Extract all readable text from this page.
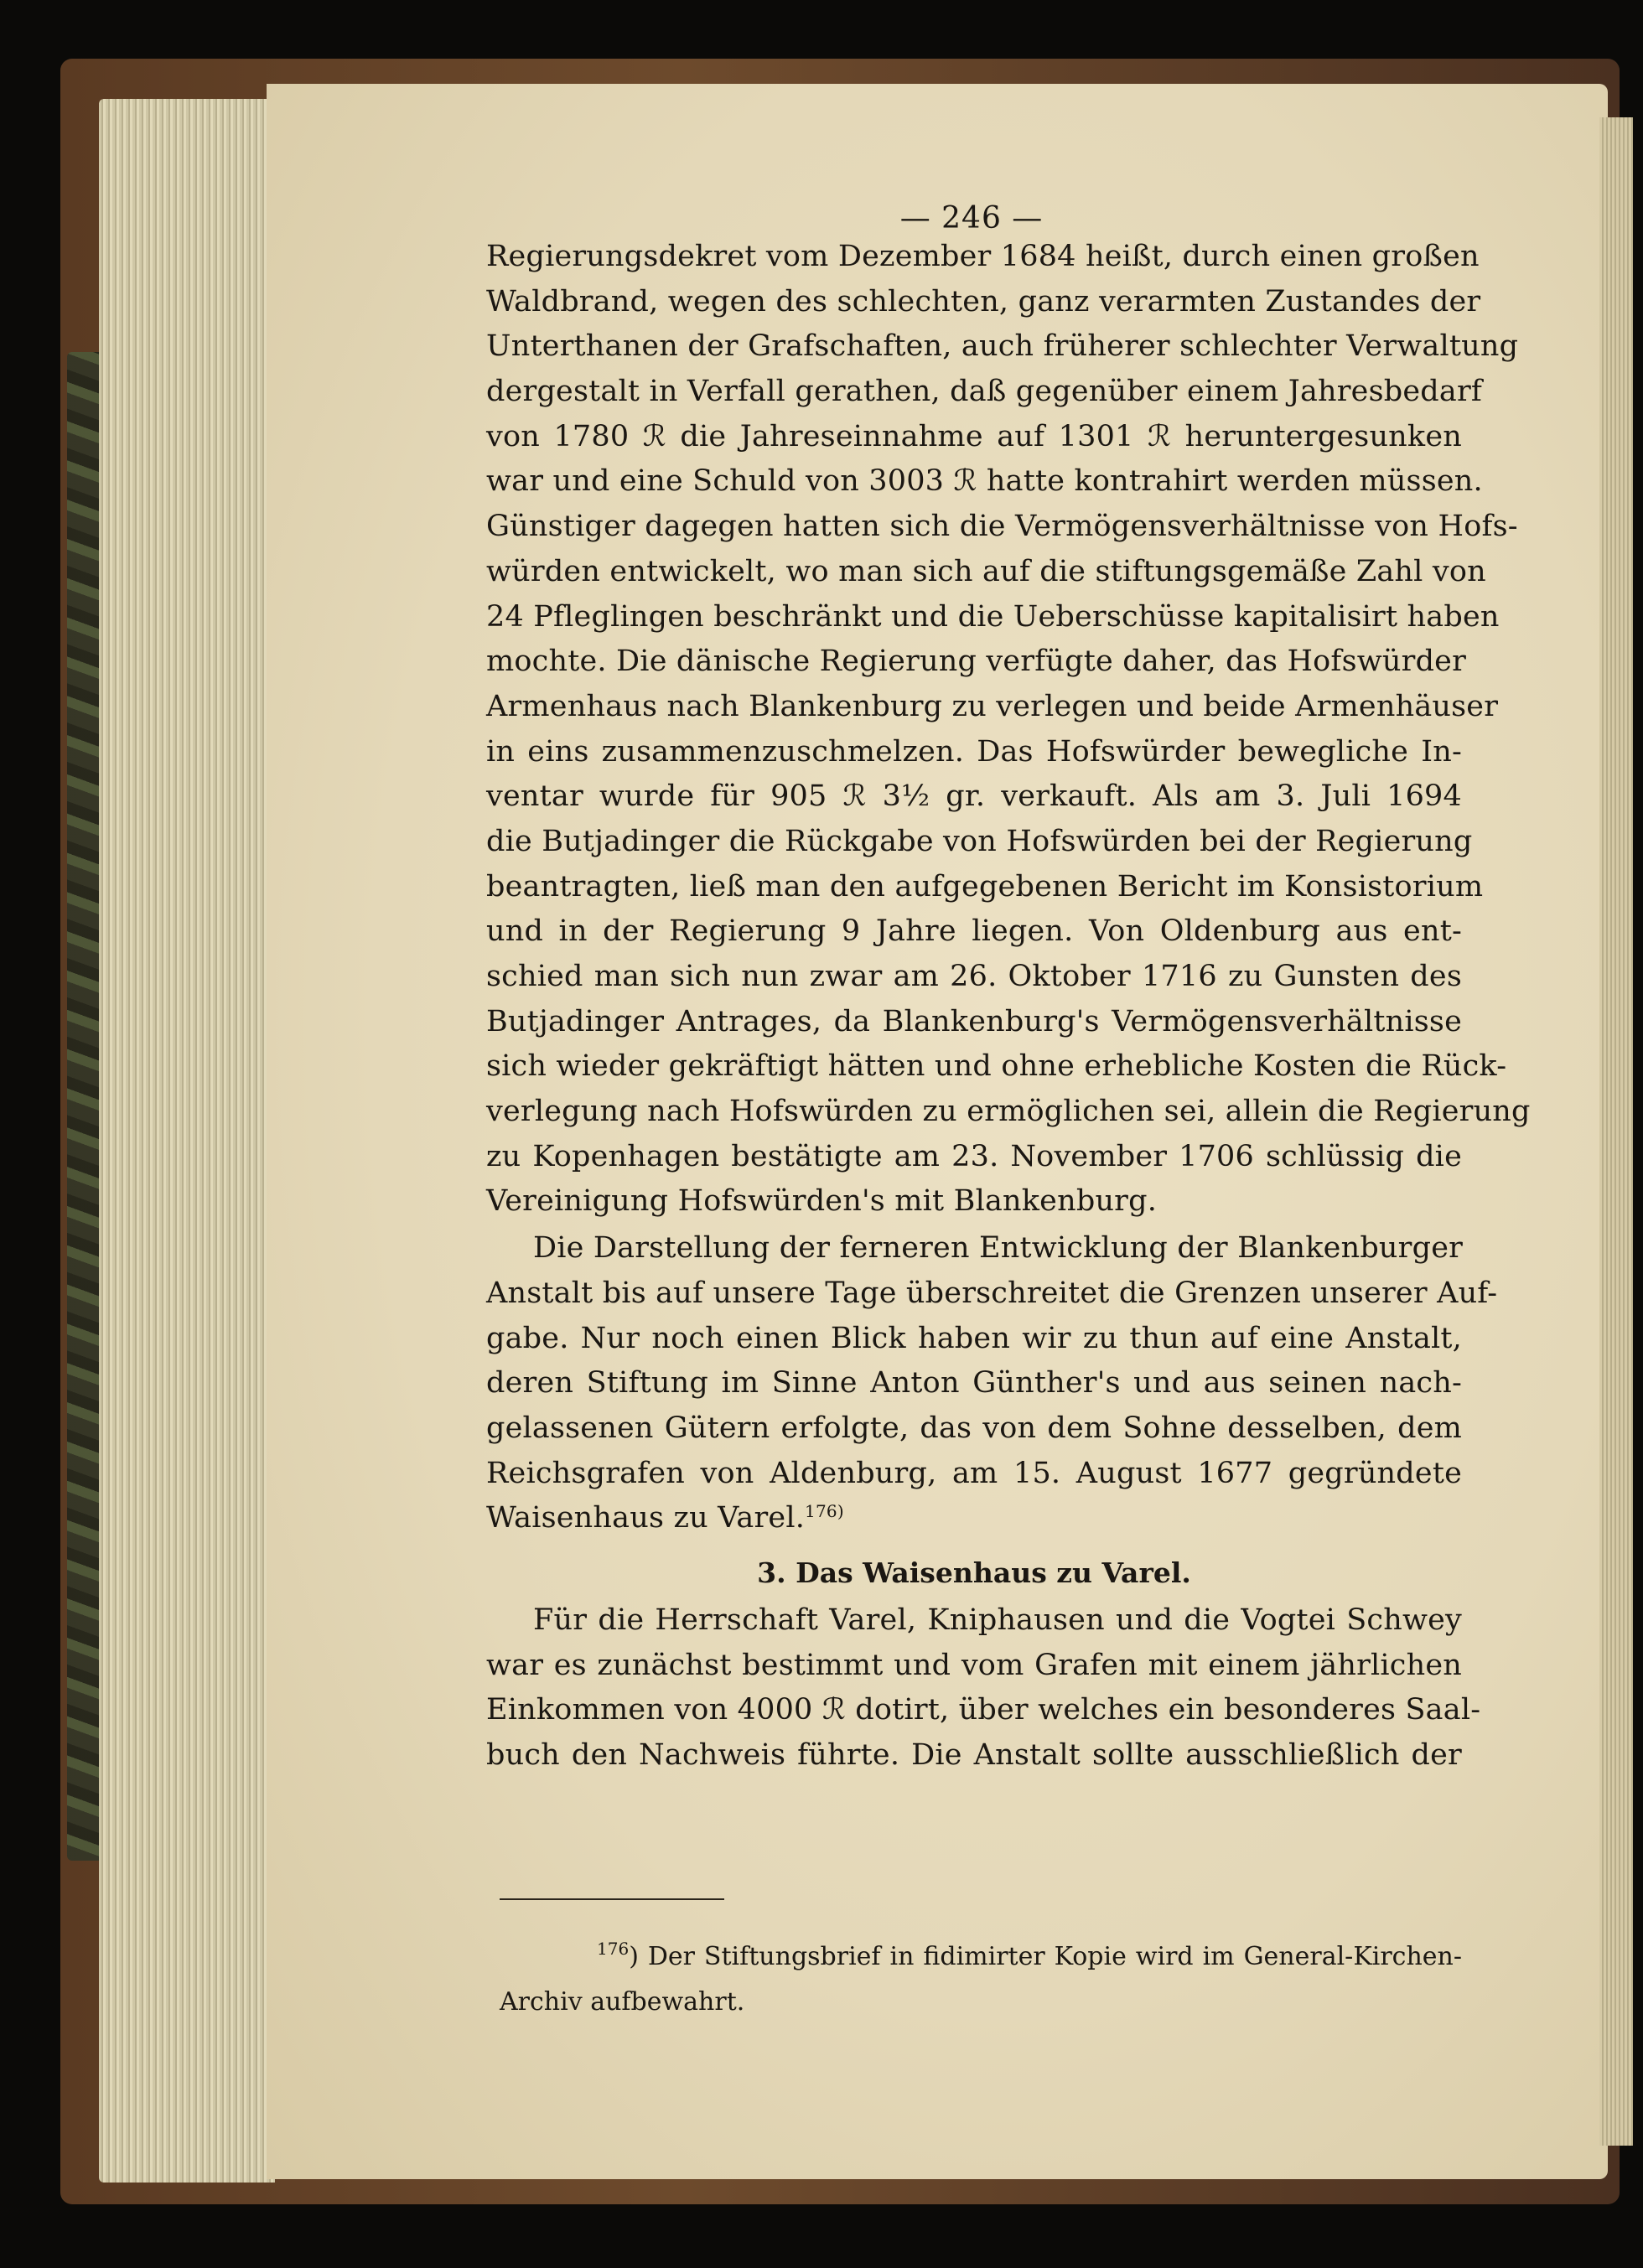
— 246 —
Regierungsdekret vom Dezember 1684 heißt, durch einen großen
Waldbrand, wegen des schlechten, ganz verarmten Zustandes der
Unterthanen der Grafschaften, auch früherer schlechter Verwaltung
dergestalt in Verfall gerathen, daß gegenüber einem Jahresbedarf
von 1780 ℛ die Jahreseinnahme auf 1301 ℛ heruntergesunken
war und eine Schuld von 3003 ℛ hatte kontrahirt werden müssen.
Günstiger dagegen hatten sich die Vermögensverhältnisse von Hofs-
würden entwickelt, wo man sich auf die stiftungsgemäße Zahl von
24 Pfleglingen beschränkt und die Ueberschüsse kapitalisirt haben
mochte. Die dänische Regierung verfügte daher, das Hofswürder
Armenhaus nach Blankenburg zu verlegen und beide Armenhäuser
in eins zusammenzuschmelzen. Das Hofswürder bewegliche In-
ventar wurde für 905 ℛ 3½ gr. verkauft. Als am 3. Juli 1694
die Butjadinger die Rückgabe von Hofswürden bei der Regierung
beantragten, ließ man den aufgegebenen Bericht im Konsistorium
und in der Regierung 9 Jahre liegen. Von Oldenburg aus ent-
schied man sich nun zwar am 26. Oktober 1716 zu Gunsten des
Butjadinger Antrages, da Blankenburg's Vermögensverhältnisse
sich wieder gekräftigt hätten und ohne erhebliche Kosten die Rück-
verlegung nach Hofswürden zu ermöglichen sei, allein die Regierung
zu Kopenhagen bestätigte am 23. November 1706 schlüssig die
Vereinigung Hofswürden's mit Blankenburg.
Die Darstellung der ferneren Entwicklung der Blankenburger
Anstalt bis auf unsere Tage überschreitet die Grenzen unserer Auf-
gabe. Nur noch einen Blick haben wir zu thun auf eine Anstalt,
deren Stiftung im Sinne Anton Günther's und aus seinen nach-
gelassenen Gütern erfolgte, das von dem Sohne desselben, dem
Reichsgrafen von Aldenburg, am 15. August 1677 gegründete
Waisenhaus zu Varel.$^{176)}$
3. Das Waisenhaus zu Varel.
Für die Herrschaft Varel, Kniphausen und die Vogtei Schwey
war es zunächst bestimmt und vom Grafen mit einem jährlichen
Einkommen von 4000 ℛ dotirt, über welches ein besonderes Saal-
buch den Nachweis führte. Die Anstalt sollte ausschließlich der
$^{176}$) Der Stiftungsbrief in fidimirter Kopie wird im General-Kirchen-
Archiv aufbewahrt.
